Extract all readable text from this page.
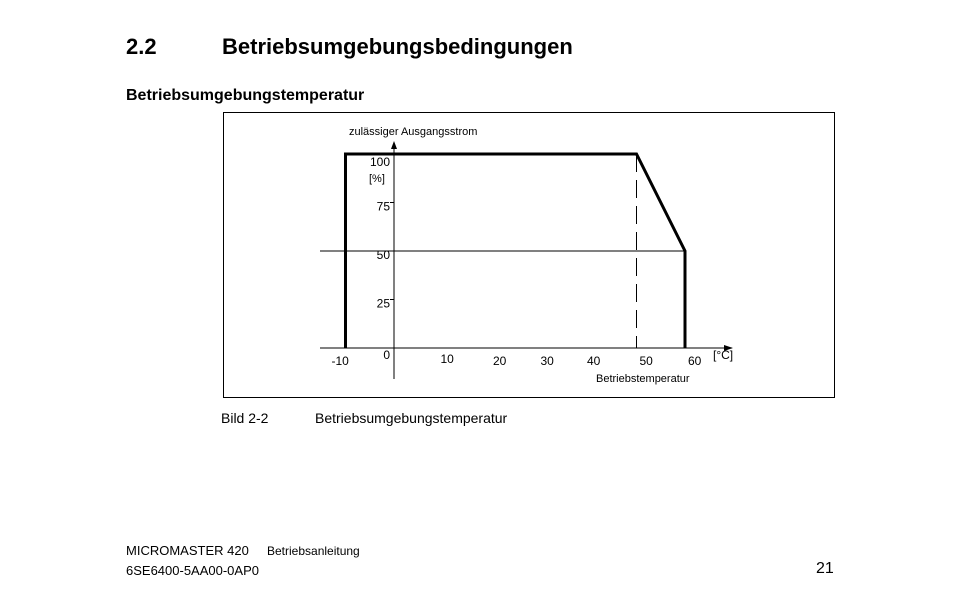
2.2	Betriebsumgebungsbedingungen
Betriebsumgebungstemperatur
0
25
50
75
100
-10	10	20	30	40	50	60
zulässiger Ausgangsstrom
[%]
[°C]
Betriebstemperatur
Bild 2-2	Betriebsumgebungstemperatur
MICROMASTER 420 Betriebsanleitung
6SE6400-5AA00-0AP0	21
